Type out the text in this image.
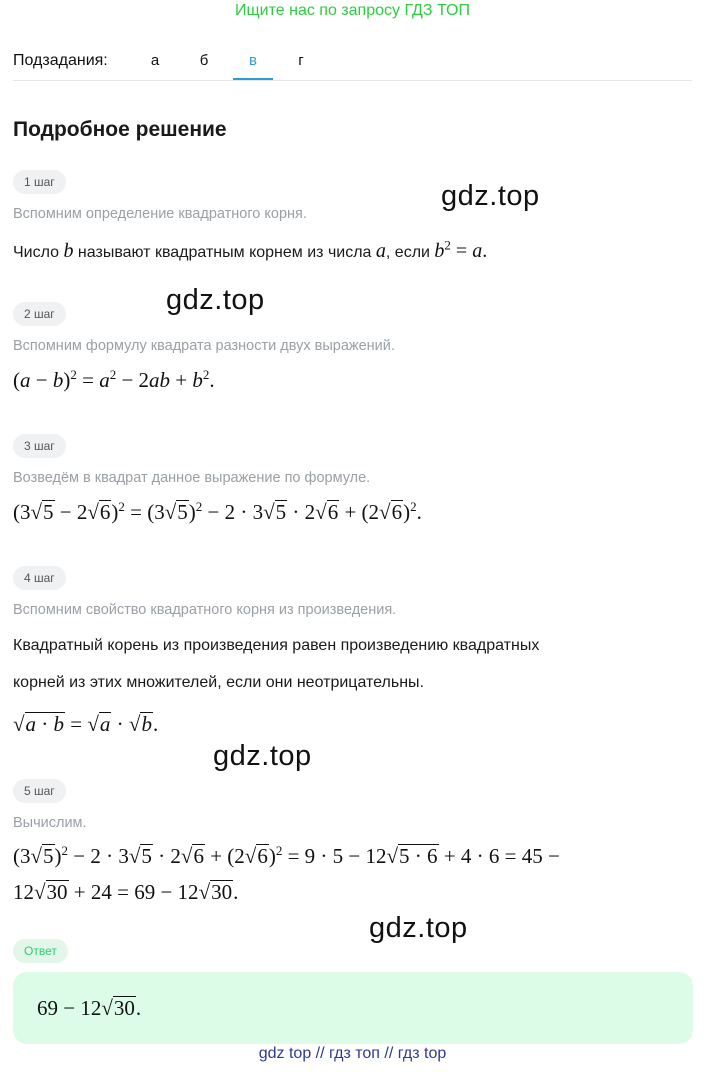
Ищите нас по запросу ГДЗ ТОП
Подзадания:	а	б	в	г
Подробное решение
1 шаг
Вспомним определение квадратного корня.
Число b называют квадратным корнем из числа a, если $b^2 = a$.
2 шаг
Вспомним формулу квадрата разности двух выражений.
$(a - b)^2 = a^2 - 2ab + b^2$.
3 шаг
Возведём в квадрат данное выражение по формуле.
$(3√5 - 2√6)^2 = (3√5)^2 - 2 \cdot 3√5 \cdot 2√6 + (2√6)^2$.
4 шаг
Вспомним свойство квадратного корня из произведения.
Квадратный корень из произведения равен произведению квадратных
корней из этих множителей, если они неотрицательны.
√a · b = √a · √b.
5 шаг
Вычислим.
$(3√5)^2 - 2 \cdot 3√5 \cdot 2√6 + (2√6)^2 = 9 \cdot 5 - 12√5 \cdot 6 + 4 \cdot 6 = 45$ −
12√30 + 24 = 69 − 12√30.
Ответ
69 − 12√30.
gdz.top
gdz.top
gdz.top
gdz.top
gdz top // гдз топ // гдз top
